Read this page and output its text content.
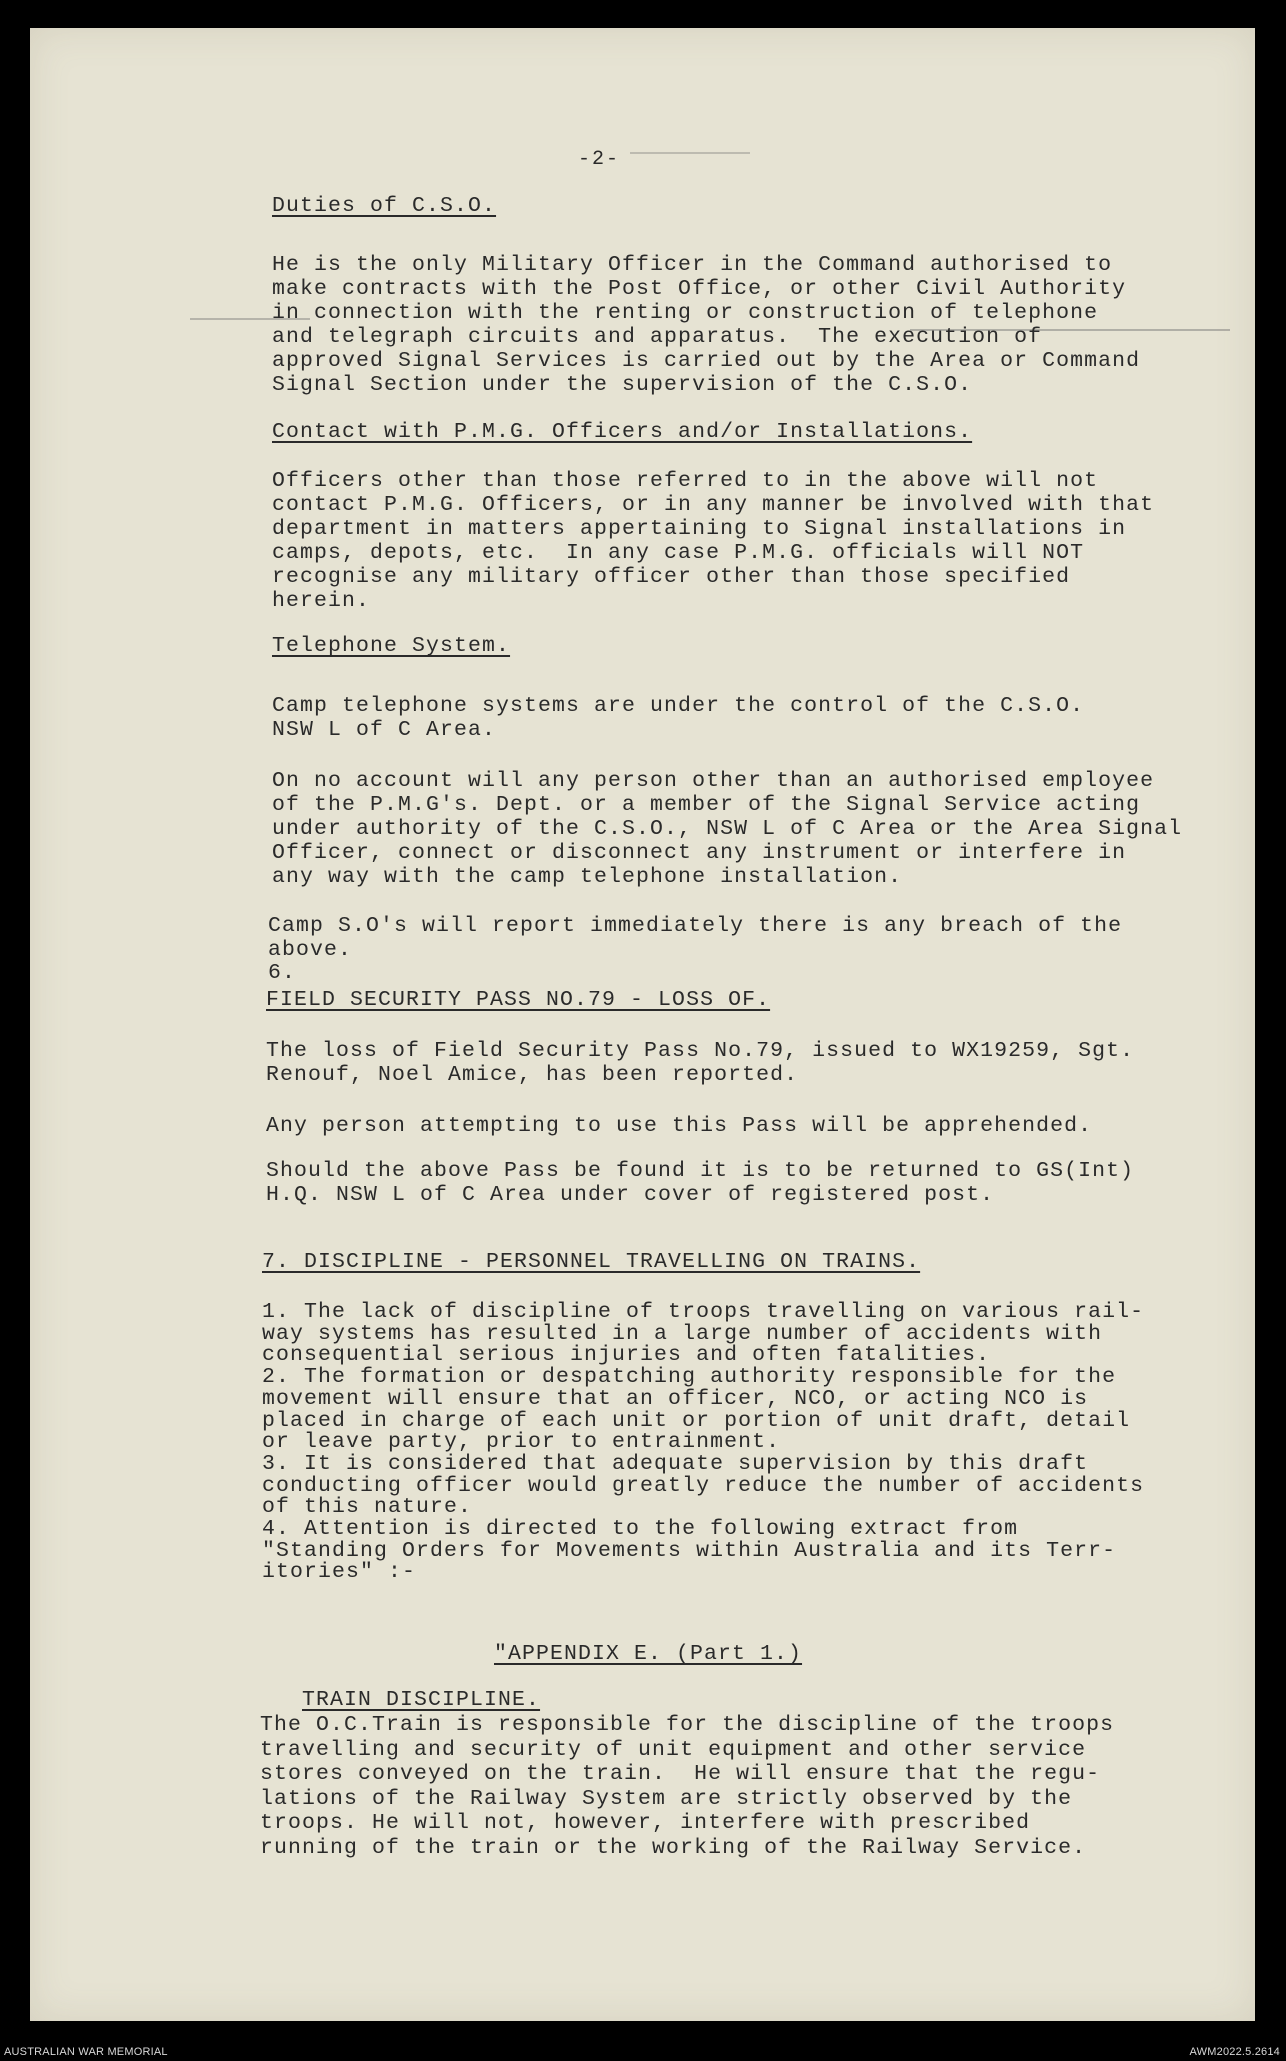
-2-
Duties of C.S.O.
He is the only Military Officer in the Command authorised to
make contracts with the Post Office, or other Civil Authority
in connection with the renting or construction of telephone
and telegraph circuits and apparatus.  The execution of
approved Signal Services is carried out by the Area or Command
Signal Section under the supervision of the C.S.O.
Contact with P.M.G. Officers and/or Installations.
Officers other than those referred to in the above will not
contact P.M.G. Officers, or in any manner be involved with that
department in matters appertaining to Signal installations in
camps, depots, etc.  In any case P.M.G. officials will NOT
recognise any military officer other than those specified
herein.
Telephone System.
Camp telephone systems are under the control of the C.S.O.
NSW L of C Area.
On no account will any person other than an authorised employee
of the P.M.G's. Dept. or a member of the Signal Service acting
under authority of the C.S.O., NSW L of C Area or the Area Signal
Officer, connect or disconnect any instrument or interfere in
any way with the camp telephone installation.
Camp S.O's will report immediately there is any breach of the
above.
6.
FIELD SECURITY PASS NO.79 - LOSS OF.
The loss of Field Security Pass No.79, issued to WX19259, Sgt.
Renouf, Noel Amice, has been reported.
Any person attempting to use this Pass will be apprehended.
Should the above Pass be found it is to be returned to GS(Int)
H.Q. NSW L of C Area under cover of registered post.
7. DISCIPLINE - PERSONNEL TRAVELLING ON TRAINS.
1. The lack of discipline of troops travelling on various rail-
way systems has resulted in a large number of accidents with
consequential serious injuries and often fatalities.
2. The formation or despatching authority responsible for the
movement will ensure that an officer, NCO, or acting NCO is
placed in charge of each unit or portion of unit draft, detail
or leave party, prior to entrainment.
3. It is considered that adequate supervision by this draft
conducting officer would greatly reduce the number of accidents
of this nature.
4. Attention is directed to the following extract from
"Standing Orders for Movements within Australia and its Terr-
itories" :-
"APPENDIX E. (Part 1.)
TRAIN DISCIPLINE.
The O.C.Train is responsible for the discipline of the troops
travelling and security of unit equipment and other service
stores conveyed on the train.  He will ensure that the regu-
lations of the Railway System are strictly observed by the
troops. He will not, however, interfere with prescribed
running of the train or the working of the Railway Service.
AUSTRALIAN WAR MEMORIAL	AWM2022.5.2614
